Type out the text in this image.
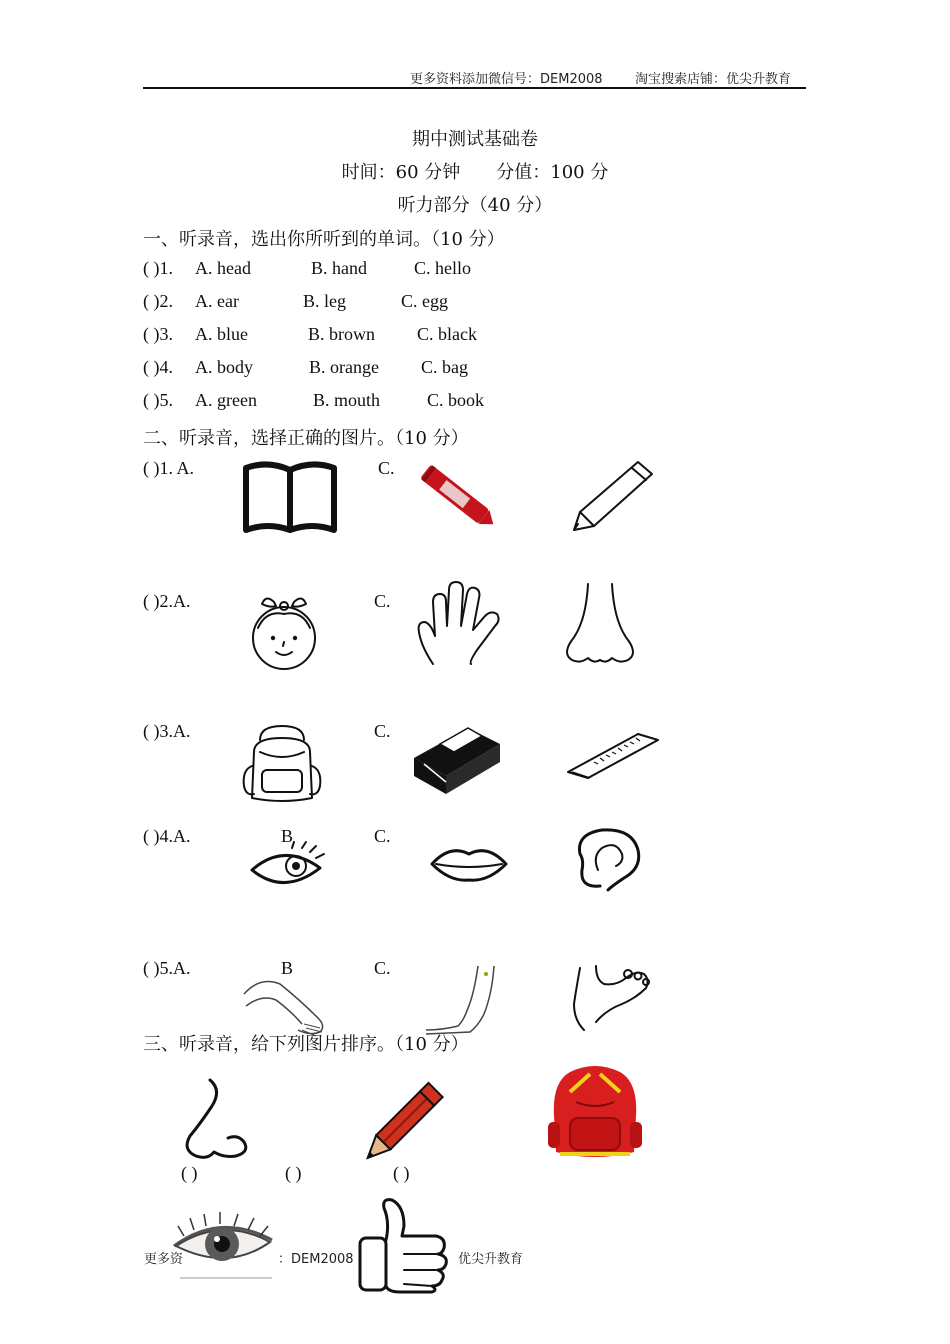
更多资料添加微信号：DEM2008 淘宝搜索店铺：优尖升教育
期中测试基础卷
时间：60 分钟　　分值：100 分
听力部分（40 分）
一、听录音，选出你所听到的单词。（10 分）
( )1. A. head	B. hand	C. hello
( )2. A. ear	B. leg	C. egg
( )3. A. blue	B. brown C. black
( )4. A. body	B. orange C. bag
( )5. A. green	B. mouth	C. book
二、听录音，选择正确的图片。（10 分）
( )1. A.	C.
( )2.A.	C.
( )3.A.	C.
( )4.A.	B	C.
( )5.A.	B	C.
三、听录音，给下列图片排序。（10 分）
( )	( )	( )
更多资	：DEM2008	优尖升教育
